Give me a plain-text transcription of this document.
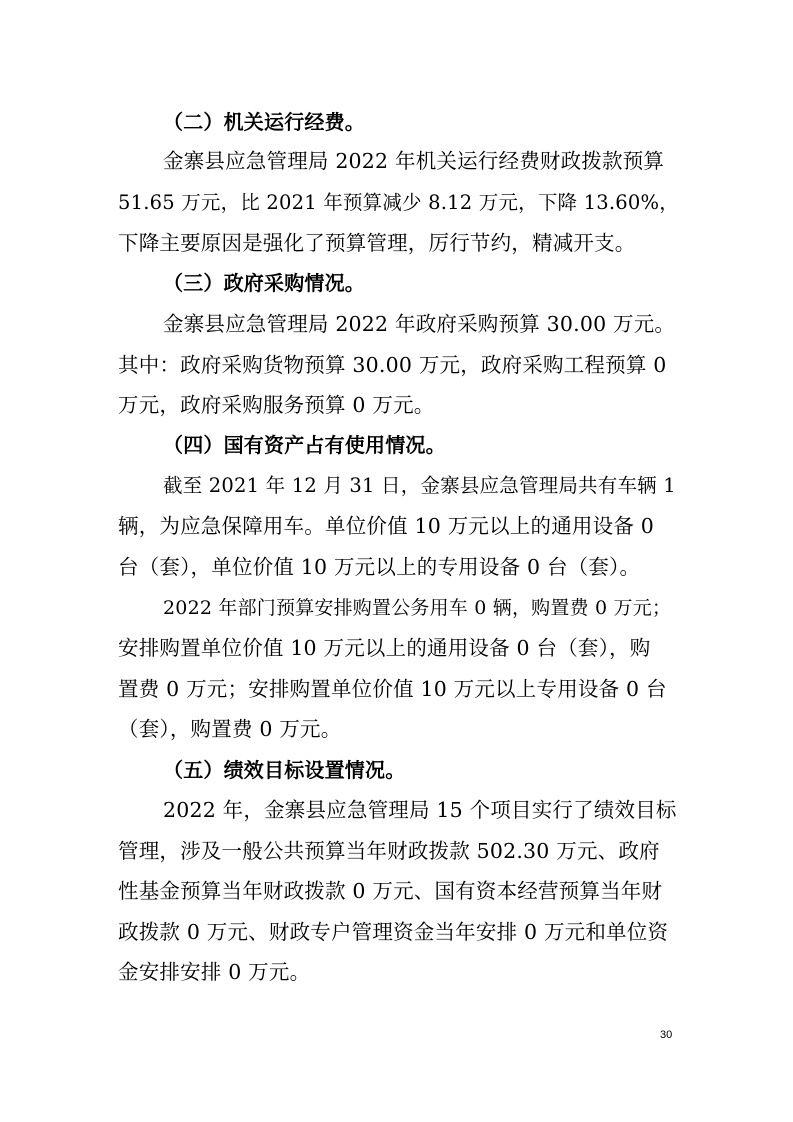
（二）机关运行经费。
金寨县应急管理局 2022 年机关运行经费财政拨款预算
51.65 万元，比 2021 年预算减少 8.12 万元，下降 13.60%，
下降主要原因是强化了预算管理，厉行节约，精减开支。
（三）政府采购情况。
金寨县应急管理局 2022 年政府采购预算 30.00 万元。
其中：政府采购货物预算 30.00 万元，政府采购工程预算 0
万元，政府采购服务预算 0 万元。
（四）国有资产占有使用情况。
截至 2021 年 12 月 31 日，金寨县应急管理局共有车辆 1
辆，为应急保障用车。单位价值 10 万元以上的通用设备 0
台（套），单位价值 10 万元以上的专用设备 0 台（套）。
2022 年部门预算安排购置公务用车 0 辆，购置费 0 万元；
安排购置单位价值 10 万元以上的通用设备 0 台（套），购
置费 0 万元；安排购置单位价值 10 万元以上专用设备 0 台
（套），购置费 0 万元。
（五）绩效目标设置情况。
2022 年，金寨县应急管理局 15 个项目实行了绩效目标
管理，涉及一般公共预算当年财政拨款 502.30 万元、政府
性基金预算当年财政拨款 0 万元、国有资本经营预算当年财
政拨款 0 万元、财政专户管理资金当年安排 0 万元和单位资
金安排安排 0 万元。
30
